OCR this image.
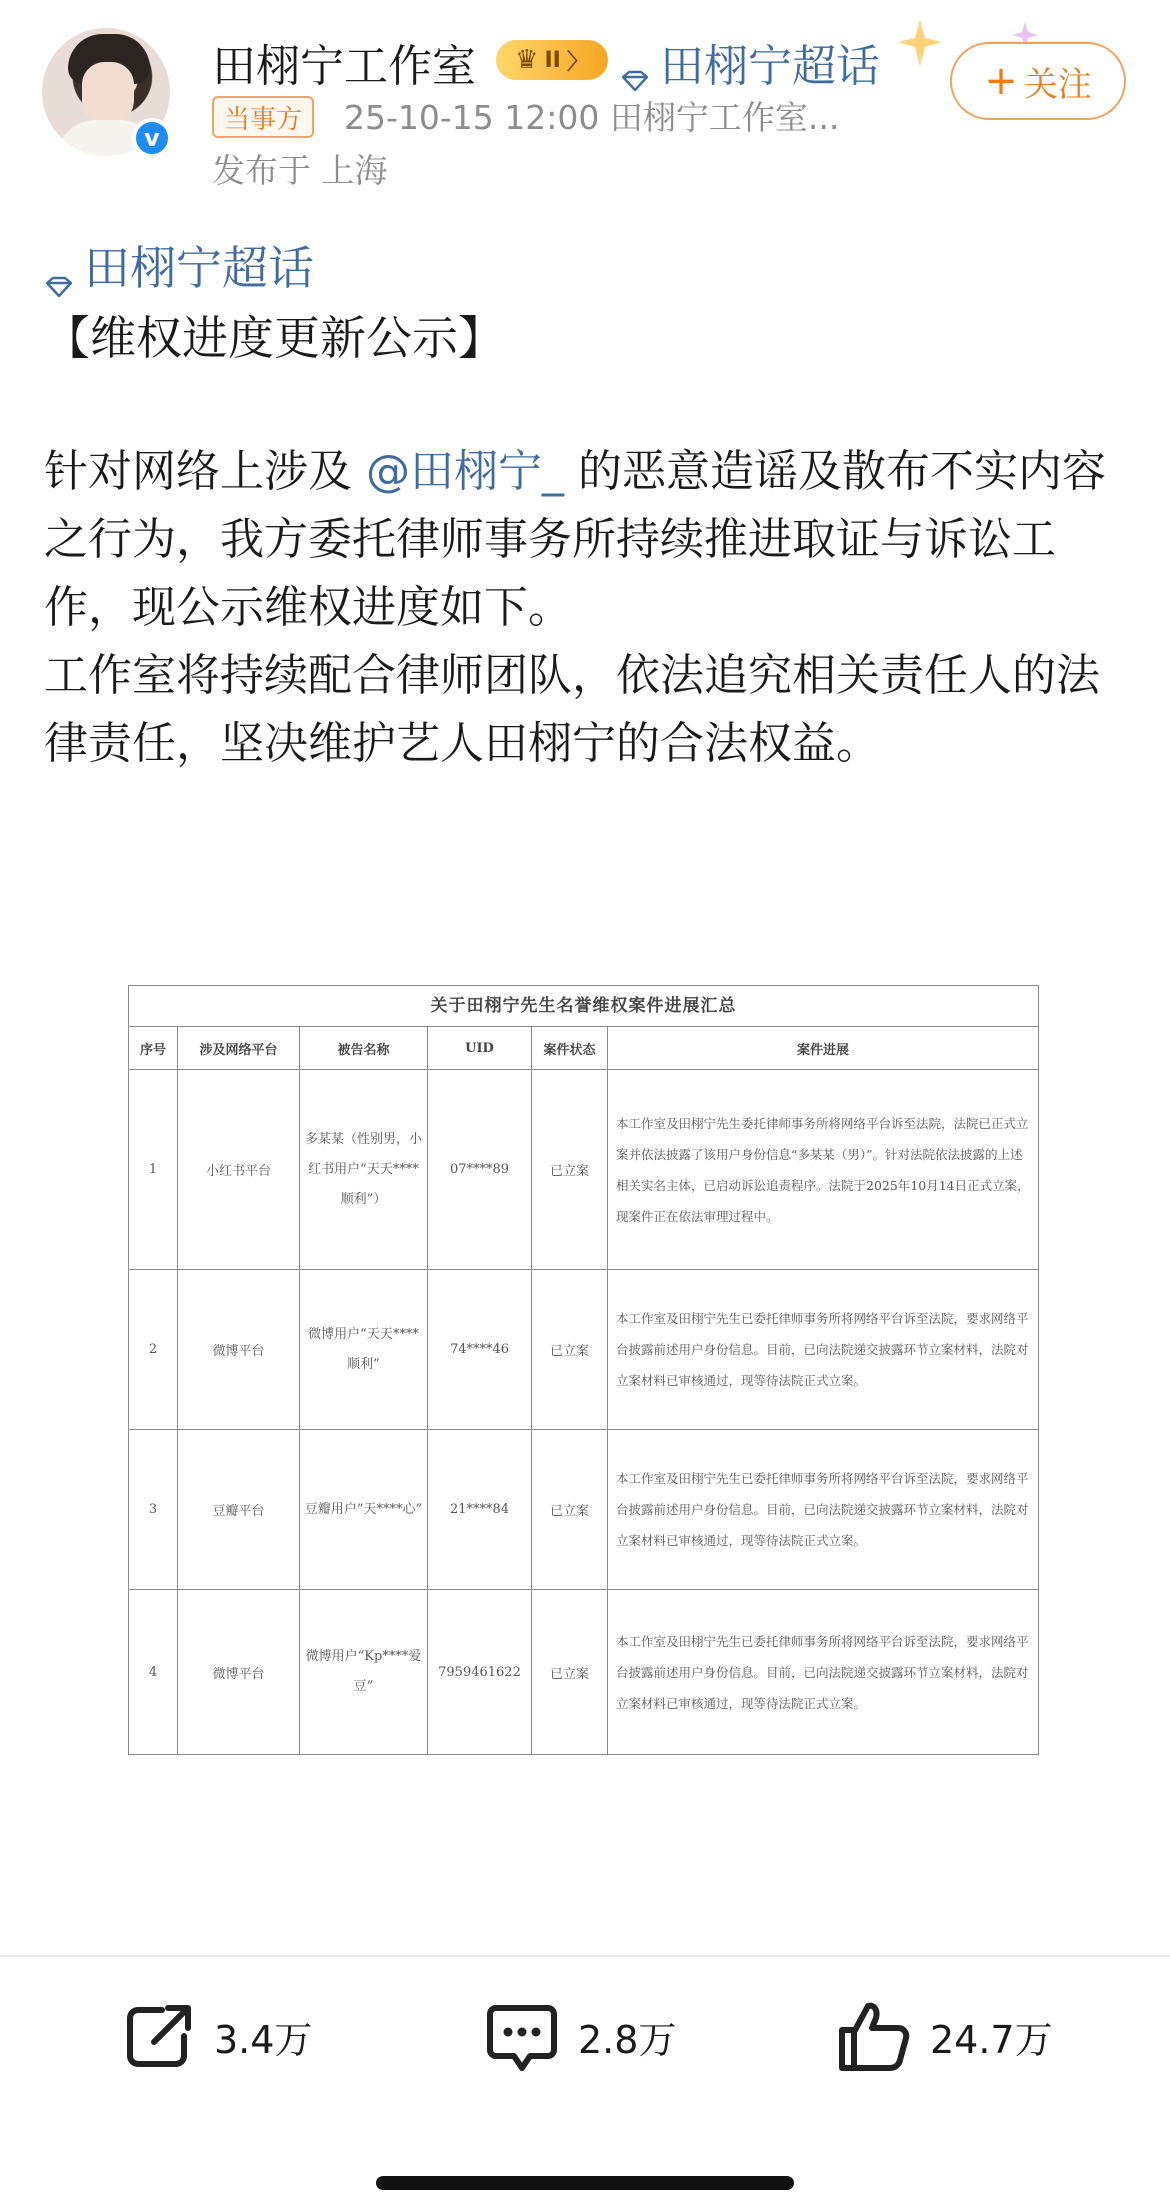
v
田栩宁工作室 ♛ II 〉 田栩宁超话	+ 关注
当事方	25-10-15 12:00 田栩宁工作室...
发布于 上海
田栩宁超话
【维权进度更新公示】
针对网络上涉及 @田栩宁_ 的恶意造谣及散布不实内容之行为，我方委托律师事务所持续推进取证与诉讼工作，现公示维权进度如下。
工作室将持续配合律师团队，依法追究相关责任人的法律责任，坚决维护艺人田栩宁的合法权益。
关于田栩宁先生名誉维权案件进展汇总
序号	涉及网络平台	被告名称	UID	案件状态	案件进展
1	小红书平台	多某某（性别男，小红书用户“天天****顺利”）	07****89	已立案	本工作室及田栩宁先生委托律师事务所将网络平台诉至法院，法院已正式立案并依法披露了该用户身份信息“多某某（男）”。针对法院依法披露的上述相关实名主体，已启动诉讼追责程序。法院于2025年10月14日正式立案，现案件正在依法审理过程中。
2	微博平台	微博用户“天天****顺利”	74****46	已立案	本工作室及田栩宁先生已委托律师事务所将网络平台诉至法院，要求网络平台披露前述用户身份信息。目前，已向法院递交披露环节立案材料，法院对立案材料已审核通过，现等待法院正式立案。
3	豆瓣平台	豆瓣用户“天****心”	21****84	已立案	本工作室及田栩宁先生已委托律师事务所将网络平台诉至法院，要求网络平台披露前述用户身份信息。目前，已向法院递交披露环节立案材料，法院对立案材料已审核通过，现等待法院正式立案。
4	微博平台	微博用户“Kp****爱豆”	7959461622	已立案	本工作室及田栩宁先生已委托律师事务所将网络平台诉至法院，要求网络平台披露前述用户身份信息。目前，已向法院递交披露环节立案材料，法院对立案材料已审核通过，现等待法院正式立案。
3.4万	2.8万	24.7万
